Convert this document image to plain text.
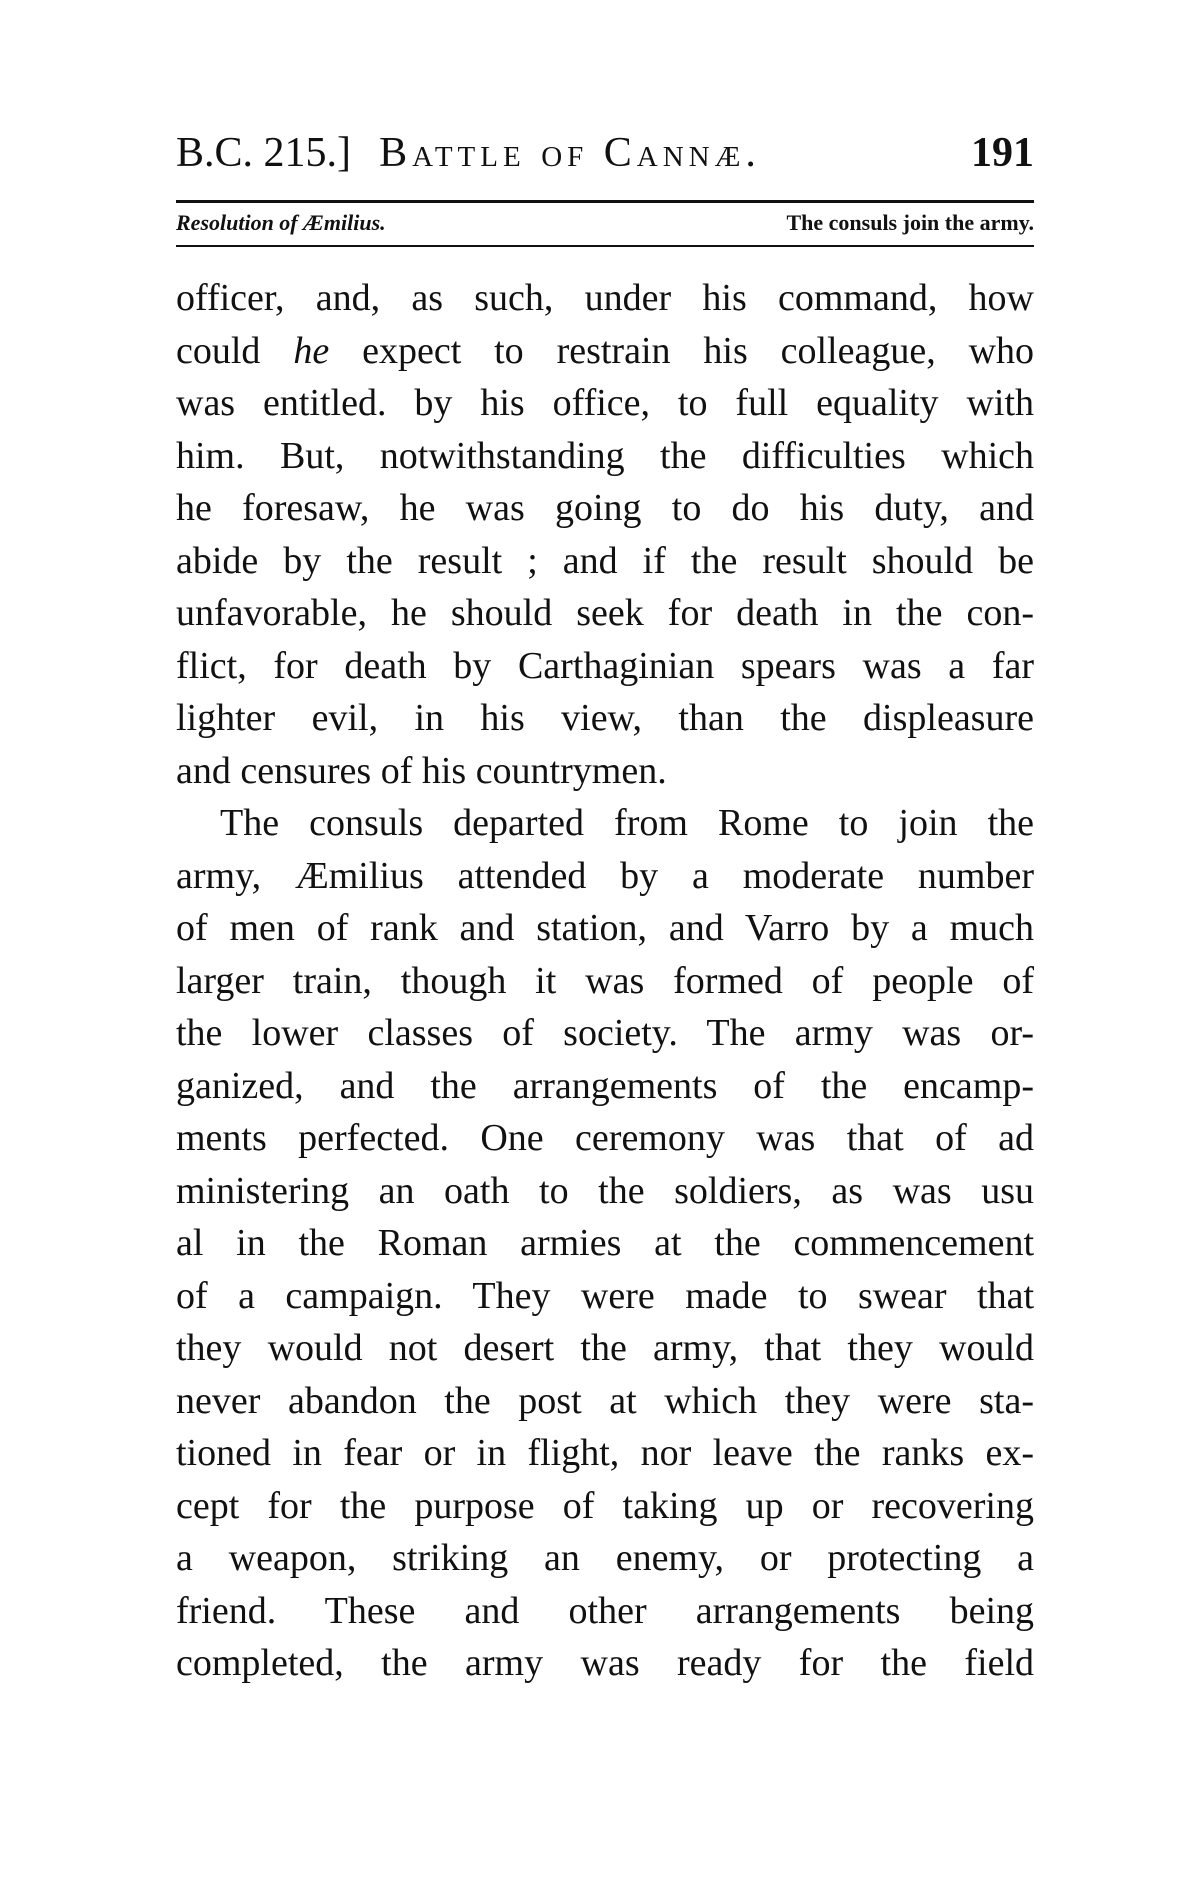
B.C. 215.] Battle of Cannæ.	191
Resolution of Æmilius.	The consuls join the army.
officer, and, as such, under his command, how
could he expect to restrain his colleague, who
was entitled. by his office, to full equality with
him. But, notwithstanding the difficulties which
he foresaw, he was going to do his duty, and
abide by the result ; and if the result should be
unfavorable, he should seek for death in the con-
flict, for death by Carthaginian spears was a far
lighter evil, in his view, than the displeasure
and censures of his countrymen.
The consuls departed from Rome to join the
army, Æmilius attended by a moderate number
of men of rank and station, and Varro by a much
larger train, though it was formed of people of
the lower classes of society. The army was or-
ganized, and the arrangements of the encamp-
ments perfected. One ceremony was that of ad
ministering an oath to the soldiers, as was usu
al in the Roman armies at the commencement
of a campaign. They were made to swear that
they would not desert the army, that they would
never abandon the post at which they were sta-
tioned in fear or in flight, nor leave the ranks ex-
cept for the purpose of taking up or recovering
a weapon, striking an enemy, or protecting a
friend. These and other arrangements being
completed, the army was ready for the field
